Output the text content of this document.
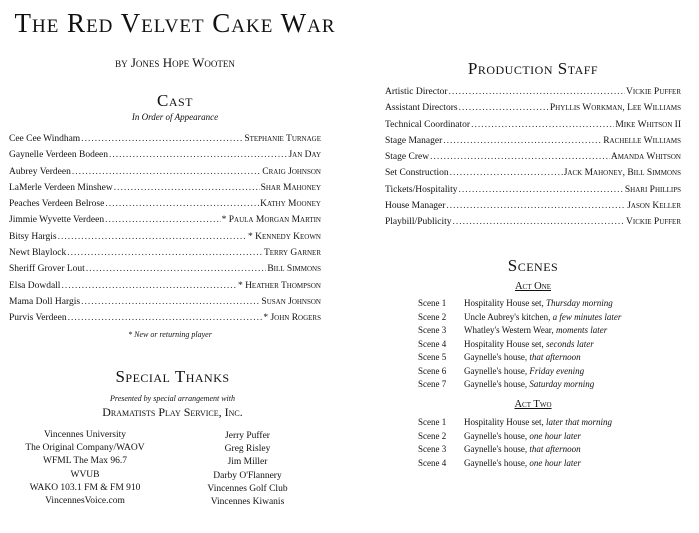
The Red Velvet Cake War
by Jones Hope Wooten
Cast
In Order of Appearance
Cee Cee Windham .....	Stephanie Turnage
Gaynelle Verdeen Bodeen .....	Jan Day
Aubrey Verdeen .....	Craig Johnson
LaMerle Verdeen Minshew .....	Shar Mahoney
Peaches Verdeen Belrose .....	Kathy Mooney
Jimmie Wyvette Verdeen .....	* Paula Morgan Martin
Bitsy Hargis .....	* Kennedy Keown
Newt Blaylock .....	Terry Garner
Sheriff Grover Lout .....	Bill Simmons
Elsa Dowdall .....	* Heather Thompson
Mama Doll Hargis .....	Susan Johnson
Purvis Verdeen .....	* John Rogers
* New or returning player
Special Thanks
Presented by special arrangement with
Dramatists Play Service, Inc.
Vincennes University
The Original Company/WAOV
WFML The Max 96.7
WVUB
WAKO 103.1 FM & FM 910
VincennesVoice.com
Jerry Puffer
Greg Risley
Jim Miller
Darby O'Flannery
Vincennes Golf Club
Vincennes Kiwanis
Production Staff
Artistic Director .....	Vickie Puffer
Assistant Directors .....	Phyllis Workman, Lee Williams
Technical Coordinator .....	Mike Whitson II
Stage Manager .....	Rachelle Williams
Stage Crew .....	Amanda Whitson
Set Construction .....	Jack Mahoney, Bill Simmons
Tickets/Hospitality .....	Shari Phillips
House Manager .....	Jason Keller
Playbill/Publicity .....	Vickie Puffer
Scenes
Act One
Scene 1	Hospitality House set, Thursday morning
Scene 2	Uncle Aubrey's kitchen, a few minutes later
Scene 3	Whatley's Western Wear, moments later
Scene 4	Hospitality House set, seconds later
Scene 5	Gaynelle's house, that afternoon
Scene 6	Gaynelle's house, Friday evening
Scene 7	Gaynelle's house, Saturday morning
Act Two
Scene 1	Hospitality House set, later that morning
Scene 2	Gaynelle's house, one hour later
Scene 3	Gaynelle's house, that afternoon
Scene 4	Gaynelle's house, one hour later
